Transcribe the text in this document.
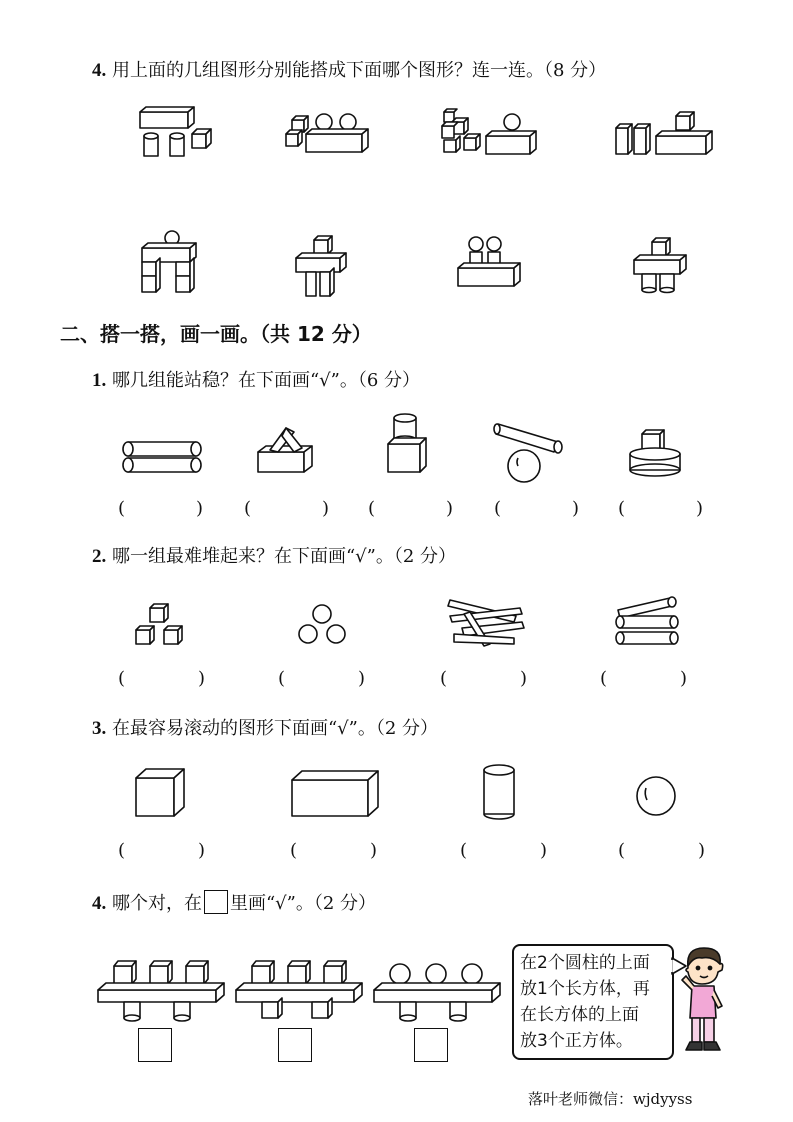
4. 用上面的几组图形分别能搭成下面哪个图形？连一连。（8 分）
二、搭一搭，画一画。（共 12 分）
1. 哪几组能站稳？在下面画“√”。（6 分）
(	) (	) (	) (	) (	)
2. 哪一组最难堆起来？在下面画“√”。（2 分）
(	)	(	)	(	)	(	)
3. 在最容易滚动的图形下面画“√”。（2 分）
(	)	(	)	(	)	(	)
4. 哪个对，在 里画“√”。（2 分）
在2个圆柱的上面
放1个长方体，再
在长方体的上面
放3个正方体。
落叶老师微信：wjdyyss
